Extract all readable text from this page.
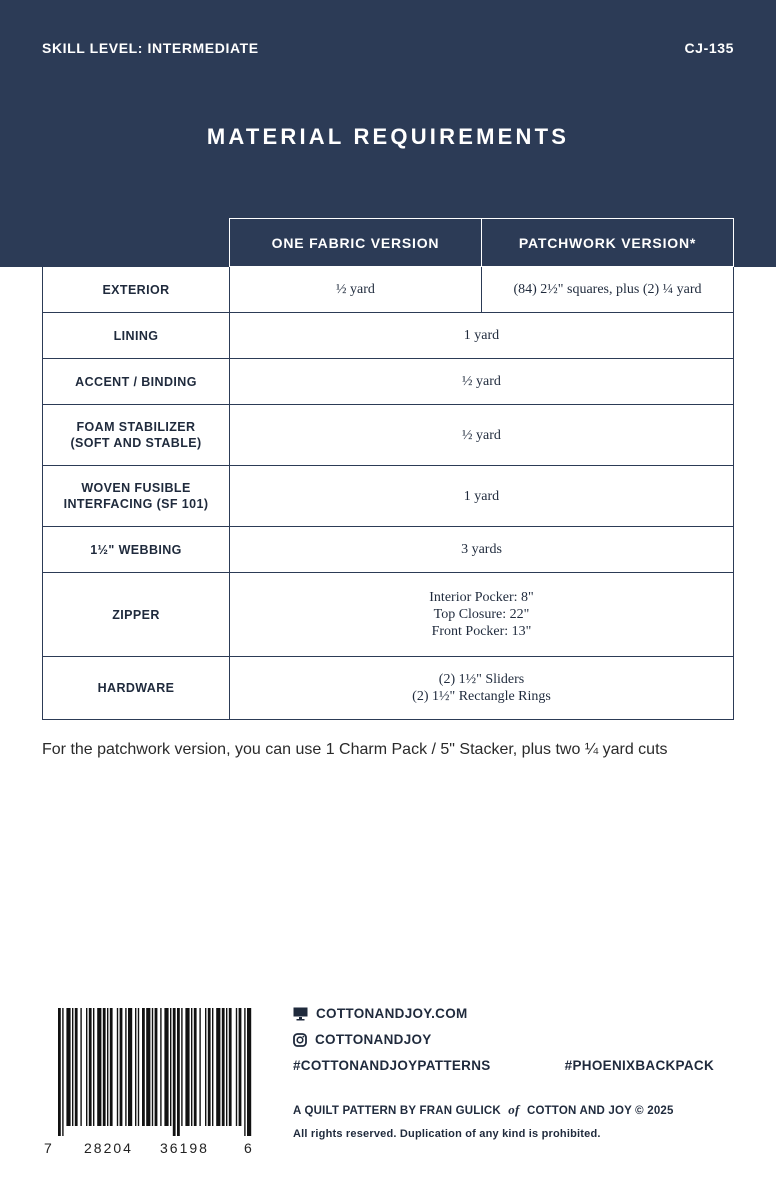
SKILL LEVEL: INTERMEDIATE	CJ-135
MATERIAL REQUIREMENTS
	ONE FABRIC VERSION	PATCHWORK VERSION*
EXTERIOR	½ yard	(84) 2½" squares, plus (2) ¼ yard
LINING	1 yard	
ACCENT / BINDING	½ yard	

FOAM STABILIZER
(SOFT AND STABLE)	½ yard	

WOVEN FUSIBLE
INTERFACING (SF 101)	1 yard	
1½" WEBBING	3 yards	
ZIPPER	Interior Pocker: 8"
Top Closure: 22"
Front Pocker: 13"	

HARDWARE	(2) 1½" Sliders
(2) 1½" Rectangle Rings	
For the patchwork version, you can use 1 Charm Pack / 5" Stacker, plus two ¼ yard cuts
7 28204 36198	6
COTTONANDJOY.COM
COTTONANDJOY
#COTTONANDJOYPATTERNS	#PHOENIXBACKPACK
A QUILT PATTERN BY FRAN GULICK of COTTON AND JOY © 2025
All rights reserved. Duplication of any kind is prohibited.
